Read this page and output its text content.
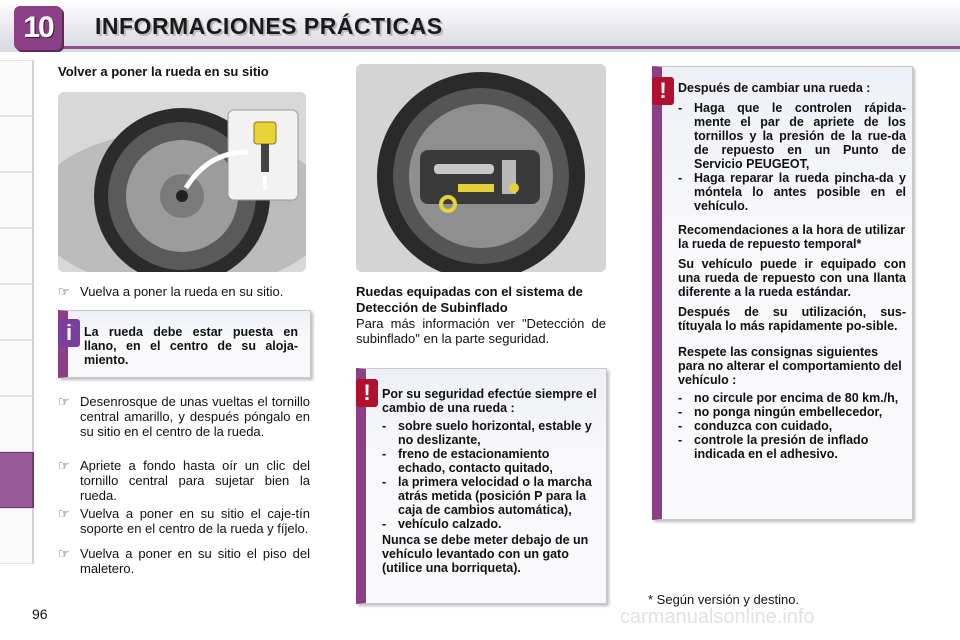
10	INFORMACIONES PRÁCTICAS
96
Volver a poner la rueda en su sitio
☞ Vuelva a poner la rueda en su sitio.
i La rueda debe estar puesta en llano, en el centro de su aloja-miento.
☞ Desenrosque de unas vueltas el tornillo central amarillo, y después póngalo en su sitio en el centro de la rueda.
☞ Apriete a fondo hasta oír un clic del tornillo central para sujetar bien la rueda.
☞ Vuelva a poner en su sitio el caje-tín soporte en el centro de la rueda y fíjelo.
☞ Vuelva a poner en su sitio el piso del maletero.
Ruedas equipadas con el sistema de Detección de Subinflado
Para más información ver "Detección de subinflado" en la parte seguridad.
! Por su seguridad efectúe siempre el cambio de una rueda :
- sobre suelo horizontal, estable y no deslizante,
- freno de estacionamiento echado, contacto quitado,
- la primera velocidad o la marcha atrás metida (posición P para la caja de cambios automática),
- vehículo calzado.
Nunca se debe meter debajo de un vehículo levantado con un gato (utilice una borriqueta).
! Después de cambiar una rueda :
- Haga que le controlen rápida-mente el par de apriete de los tornillos y la presión de la rue-da de repuesto en un Punto de Servicio PEUGEOT,
- Haga reparar la rueda pincha-da y móntela lo antes posible en el vehículo.
Recomendaciones a la hora de utilizar la rueda de repuesto temporal*
Su vehículo puede ir equipado con una rueda de repuesto con una llanta diferente a la rueda estándar.
Después de su utilización, sus-títuyala lo más rapidamente po-sible.
Respete las consignas siguientes para no alterar el comportamiento del vehículo :
- no circule por encima de 80 km./h,
- no ponga ningún embellecedor,
- conduzca con cuidado,
- controle la presión de inflado indicada en el adhesivo.
* Según versión y destino.
carmanualsonline.info
